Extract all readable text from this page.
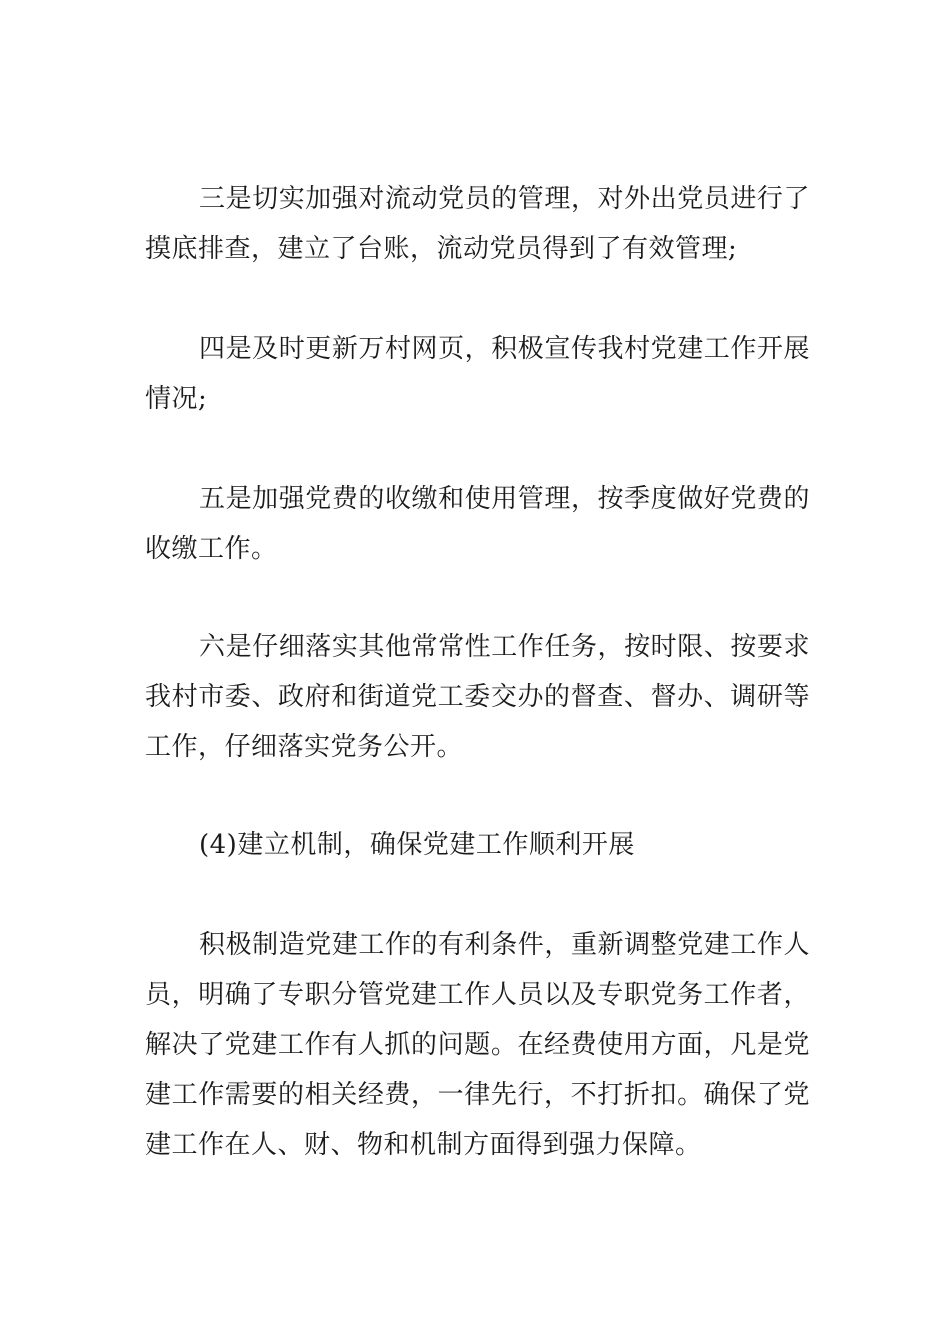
三是切实加强对流动党员的管理，对外出党员进行了摸底排查，建立了台账，流动党员得到了有效管理;

四是及时更新万村网页，积极宣传我村党建工作开展情况;

五是加强党费的收缴和使用管理，按季度做好党费的收缴工作。

六是仔细落实其他常常性工作任务，按时限、按要求我村市委、政府和街道党工委交办的督查、督办、调研等工作，仔细落实党务公开。

(4)建立机制，确保党建工作顺利开展

积极制造党建工作的有利条件，重新调整党建工作人员，明确了专职分管党建工作人员以及专职党务工作者，解决了党建工作有人抓的问题。在经费使用方面，凡是党建工作需要的相关经费，一律先行，不打折扣。确保了党建工作在人、财、物和机制方面得到强力保障。
